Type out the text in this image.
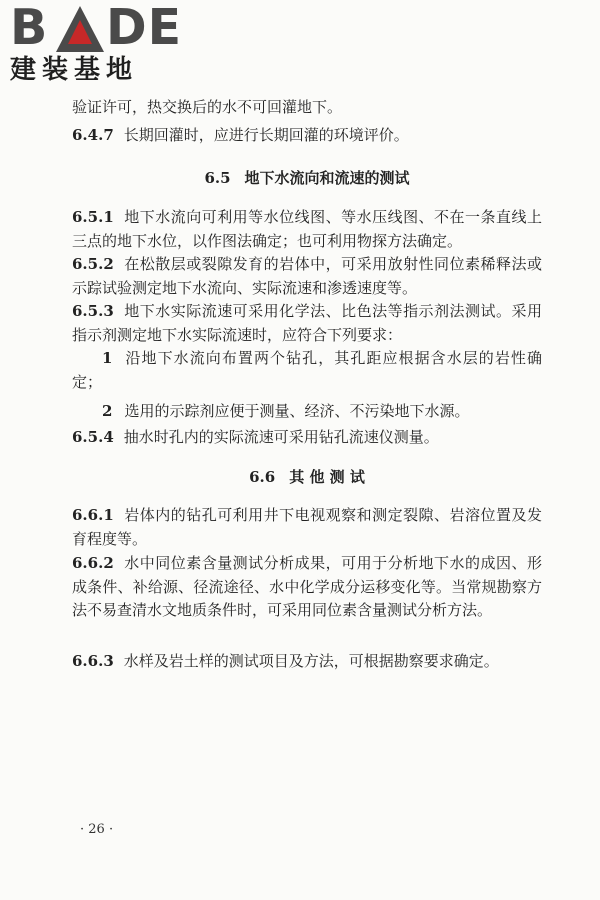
B DE
建装基地
验证许可，热交换后的水不可回灌地下。
6.4.7 长期回灌时，应进行长期回灌的环境评价。
6.5 地下水流向和流速的测试
6.5.1 地下水流向可利用等水位线图、等水压线图、不在一条直线上三点的地下水位，以作图法确定；也可利用物探方法确定。
6.5.2 在松散层或裂隙发育的岩体中，可采用放射性同位素稀释法或示踪试验测定地下水流向、实际流速和渗透速度等。
6.5.3 地下水实际流速可采用化学法、比色法等指示剂法测试。采用指示剂测定地下水实际流速时，应符合下列要求：
1 沿地下水流向布置两个钻孔，其孔距应根据含水层的岩性确定；
2 选用的示踪剂应便于测量、经济、不污染地下水源。
6.5.4 抽水时孔内的实际流速可采用钻孔流速仪测量。
6.6 其 他 测 试
6.6.1 岩体内的钻孔可利用井下电视观察和测定裂隙、岩溶位置及发育程度等。
6.6.2 水中同位素含量测试分析成果，可用于分析地下水的成因、形成条件、补给源、径流途径、水中化学成分运移变化等。当常规勘察方法不易查清水文地质条件时，可采用同位素含量测试分析方法。
6.6.3 水样及岩土样的测试项目及方法，可根据勘察要求确定。
· 26 ·
